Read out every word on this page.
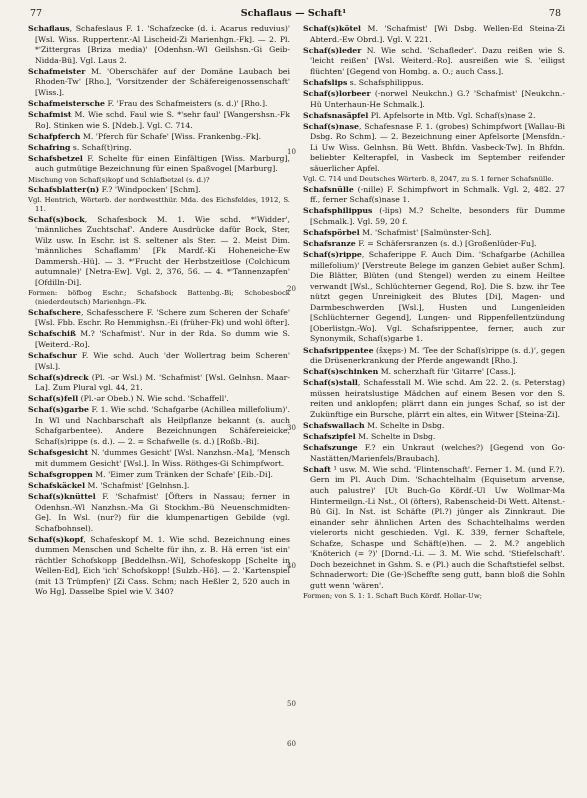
77	Schaflaus — Schaft¹	78

Schaflaus, Schafeslaus F. 1. 'Schafzecke (d. i. Acarus reduvius)' [Wsl. Wiss. Ruppertenr.-Al Lischeid-Zi Marienhgn.-Fk]. — 2. Pl. *'Zittergras [Briza media)' [Odenhsn.-Wl Geilshsn.-Gi Geib-Nidda-Bü]. Vgl. Laus 2.

Schafmeister M. 'Oberschäfer auf der Domäne Laubach bei Rhoden-Tw' [Rho.], 'Vorsitzender der Schäfereigenossenschaft' [Wiss.].

Schafmeistersche F. 'Frau des Schafmeisters (s. d.)' [Rho.].

Schafmist M. Wie schd. Faul wie S. *'sehr faul' [Wangershsn.-Fk Ro]. Stinken wie S. [Ndeb.]. Vgl. C. 714.

Schafpferch M. 'Pferch für Schafe' [Wiss. Frankenbg.-Fk].

Schafring s. Schaf(t)ring.

Schafsbetzel F. Schelte für einen Einfältigen [Wiss. Marburg], auch gutmütige Bezeichnung für einen Spaßvogel [Marburg].

Mischung von Schaf(s)kopf und Schlafbetzel (s. d.)?

Schafsblatter(n) F.? 'Windpocken' [Schm].

Vgl. Hentrich, Wörterb. der nordwestthür. Mda. des Eichsfeldes, 1912, S. 11.

Schaf(s)bock, Schafesbock M. 1. Wie schd. *'Widder', 'männliches Zuchtschaf'. Andere Ausdrücke dafür Bock, Ster, Wilz usw. In Eschr. ist S. seltener als Ster. — 2. Meist Dim. 'männliches Schaflamm' [Fk Mardf.-Ki Hoheneiche-Ew Dammersh.-Hü]. — 3. *'Frucht der Herbstzeitlose (Colchicum autumnale)' [Netra-Ew]. Vgl. 2, 376, 56. — 4. *'Tannenzapfen' [Ofdilln-Di].

Formen: böfbog Eschr.; Schafsbock Battenbg.-Bi; Schobesbock (niederdeutsch) Marienhgn.-Fk.

Schafschere, Schafesschere F. 'Schere zum Scheren der Schafe' [Wsl. Fbb. Eschr. Ro Hemmighsn.-Ei (früher-Fk) und wohl öfter].

Schafschiß M.? 'Schafmist'. Nur in der Rda. So dumm wie S. [Weiterd.-Ro].

Schafschur F. Wie schd. Auch 'der Wollertrag beim Scheren' [Wsl.].

Schaf(s)dreck (Pl. -ər Wsl.) M. 'Schafmist' [Wsl. Gelnhsn. Maar-La]. Zum Plural vgl. 44, 21.

Schaf(s)fell (Pl.-ər Obeb.) N. Wie schd. 'Schaffell'.

Schaf(s)garbe F. 1. Wie schd. 'Schafgarbe (Achillea millefolium)'. In Wl und Nachbarschaft als Heilpflanze bekannt (s. auch Schafgarbentee). Andere Bezeichnungen Schäfereieicke, Schaf(s)rippe (s. d.). — 2. = Schafwelle (s. d.) [Roßb.-Bi].

Schafsgesicht N. 'dummes Gesicht' [Wsl. Nanzhsn.-Ma], 'Mensch mit dummem Gesicht' [Wsl.]. In Wiss. Röthges-Gi Schimpfwort.

Schafsgroppen M. 'Eimer zum Tränken der Schafe' [Eib.-Di].

Schafskäckel M. 'Schafmist' [Gelnhsn.].

Schaf(s)knüttel F. 'Schafmist' [Öfters in Nassau; ferner in Odenhsn.-Wl Nanzhsn.-Ma Gi Stockhm.-Bü Neuenschmidten-Ge]. In Wsl. (nur?) für die klumpenartigen Gebilde (vgl. Schafbohnsel).

Schaf(s)kopf, Schafeskopf M. 1. Wie schd. Bezeichnung eines dummen Menschen und Schelte für ihn, z. B. Hä erren 'ist ein' rächtler Schofskopp [Beddelhsn.-Wi], Schofeskopp [Schelte in Wellen-Ed], Eich 'ich' Schofskopp! [Sulzb.-Hö]. — 2. 'Kartenspiel (mit 13 Trümpfen)' [Zi Cass. Schm; nach Heßler 2, 520 auch in Wo Hg]. Dasselbe Spiel wie V. 340?

Schaf(s)kötel M. 'Schafmist' [Wi Dsbg. Wellen-Ed Steina-Zi Abterd.-Ew Obrd.]. Vgl. V. 221.

Schaf(s)leder N. Wie schd. 'Schafleder'. Dazu reißen wie S. 'leicht reißen' [Wsl. Weiterd.-Ro]. ausreißen wie S. 'eiligst flüchten' [Gegend von Hombg. a. O.; auch Cass.].

Schafslips s. Schafsphilippus.

Schaf(s)lorbeer (-norwel Neukchn.) G.? 'Schafmist' [Neukchn.-Hü Unterhaun-He Schmalk.].

Schafsnasäpfel Pl. Apfelsorte in Mtb. Vgl. Schaf(s)nase 2.

Schaf(s)nase, Schafesnase F. 1. (grobes) Schimpfwort [Wallau-Bi Dsbg. Ro Schm]. — 2. Bezeichnung einer Apfelsorte [Mensfdn.-Li Uw Wiss. Gelnhsn. Bü Wett. Bhfdn. Vasbeck-Tw]. In Bhfdn. beliebter Kelterapfel, in Vasbeck im September reifender säuerlicher Apfel.

Vgl. C. 714 und Deutsches Wörterb. 8, 2047, zu S. 1 ferner Schafsnülle.

Schafsnülle (-nille) F. Schimpfwort in Schmalk. Vgl. 2, 482. 27 ff., ferner Schaf(s)nase 1.

Schafsphilippus (-lips) M.? Schelte, besonders für Dumme [Schmalk.]. Vgl. 59, 20 f.

Schafspörbel M. 'Schafmist' [Salmünster-Sch].

Schafsranze F. = Schäfersranzen (s. d.) [Großenlüder-Fu].

Schaf(s)rippe, Schaferippe F. Auch Dim. 'Schafgarbe (Achillea millefolium)' [Verstreute Belege im ganzen Gebiet außer Schm]. Die Blätter, Blüten (und Stengel) werden zu einem Heiltee verwandt [Wsl., Schlüchterner Gegend, Ro]. Die S. bzw. ihr Tee nützt gegen Unreinigkeit des Blutes [Di], Magen- und Darmbeschwerden [Wsl.], Husten und Lungenleiden [Schlüchterner Gegend], Lungen- und Rippenfellentzündung [Oberlistgn.-Wo]. Vgl. Schafsrippentee, ferner, auch zur Synonymik, Schaf(s)garbe 1.

Schafsrippentee (šxęps-) M. 'Tee der Schaf(s)rippe (s. d.)', gegen die Drüsenerkrankung der Pferde angewandt [Rho.].

Schaf(s)schinken M. scherzhaft für 'Gitarre' [Cass.].

Schaf(s)stall, Schafesstall M. Wie schd. Am 22. 2. (s. Peterstag) müssen heiratslustige Mädchen auf einem Besen vor den S. reiten und anklopfen; plärrt dann ein junges Schaf, so ist der Zukünftige ein Bursche, plärrt ein altes, ein Witwer [Steina-Zi].

Schafswallach M. Schelte in Dsbg.

Schafszipfel M. Schelte in Dsbg.

Schafszunge F.? ein Unkraut (welches?) [Gegend von Go-Nastätten/Marienfels/Braubach].

Schaft ¹ usw. M. Wie schd. 'Flintenschaft'. Ferner 1. M. (und F.?). Gern im Pl. Auch Dim. 'Schachtelhalm (Equisetum arvense, auch palustre)' [Ut Buch-Go Kördf.-Ul Uw Wollmar-Ma Hintermeilgn.-Li Nst., Ol (öfters), Rabenscheid-Di Wett. Altenst.-Bü Gi]. In Nst. ist Schäfte (Pl.?) jünger als Zinnkraut. Die einander sehr ähnlichen Arten des Schachtelhalms werden vielerorts nicht geschieden. Vgl. K. 339, ferner Schaftele, Schafze, Schaspe und Schäft(e)hen. — 2. M.? angeblich 'Knöterich (= ?)' [Dornd.-Li. — 3. M. Wie schd. 'Stiefelschaft'. Doch bezeichnet in Gshm. S. e (Pl.) auch die Schaftstiefel selbst. Schnaderwort: Die (Ge-)Scheffte seng gutt, bann bloß die Sohln gutt wenn 'wären'.

Formen; von S. 1: 1. Schaft Buch Kördf. Hollar-Uw;

10
20
30
40
50
60
